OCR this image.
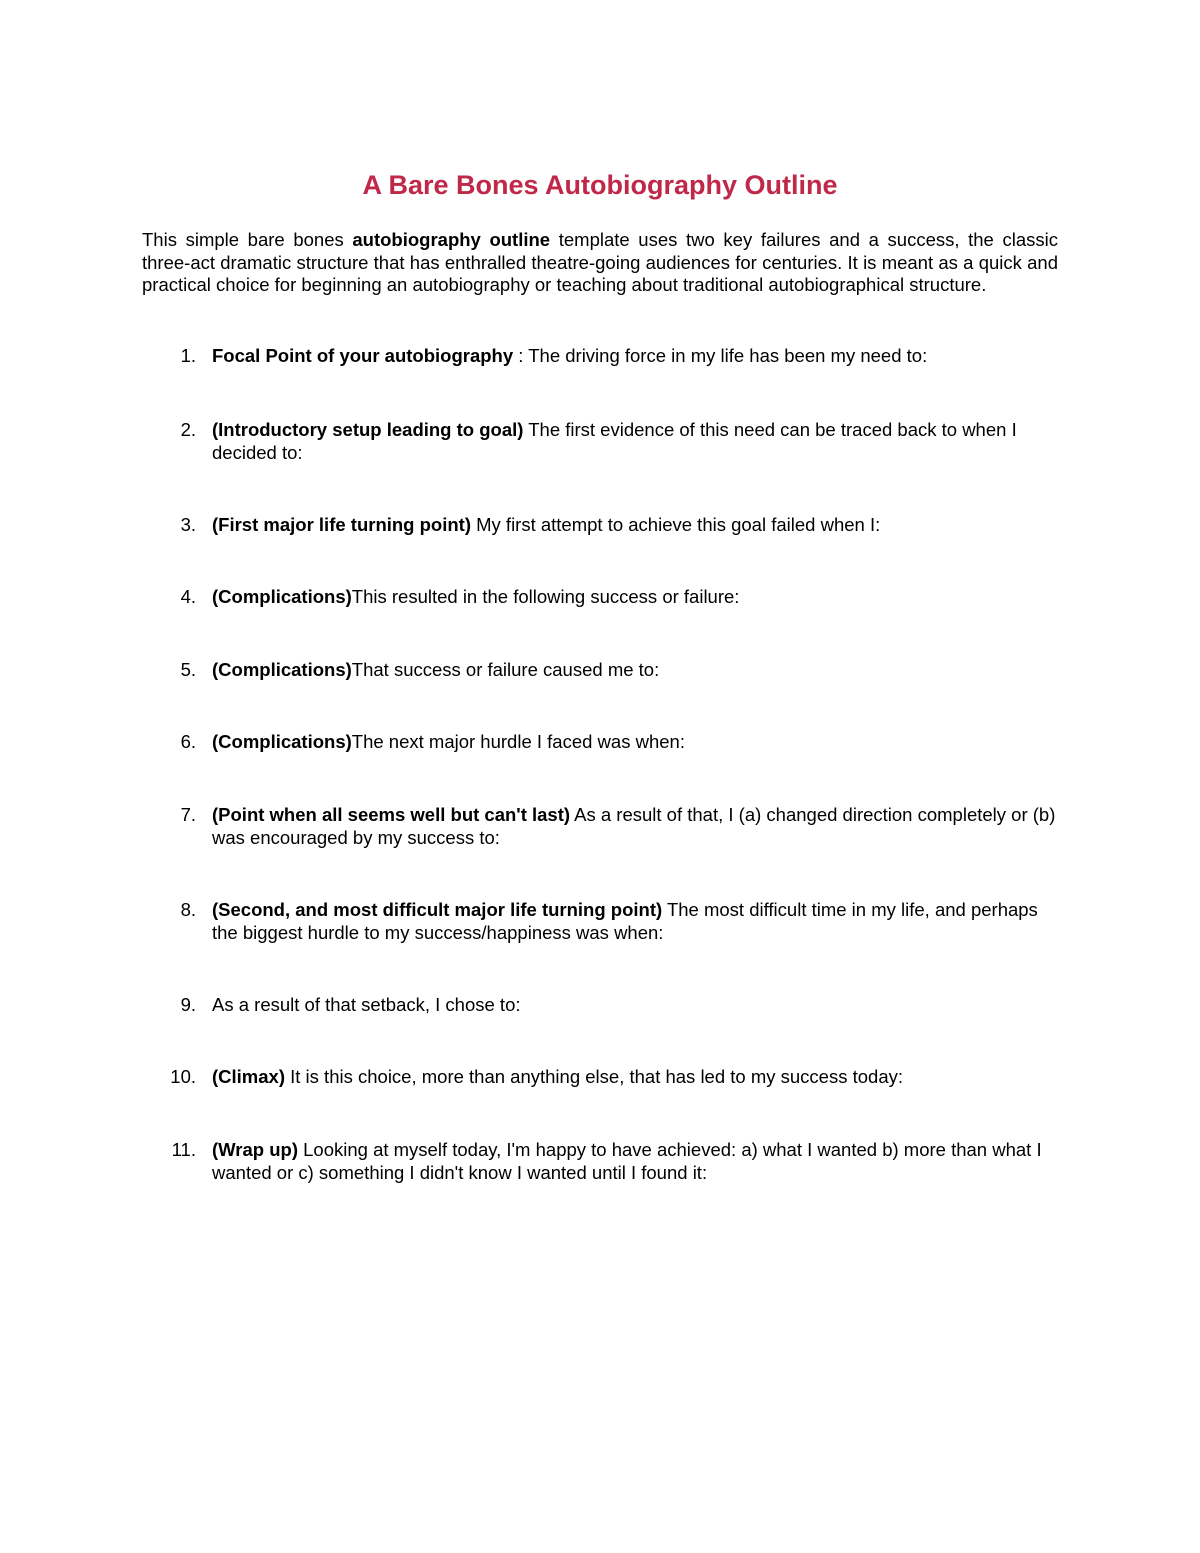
A Bare Bones Autobiography Outline

This simple bare bones autobiography outline template uses two key failures and a success, the classic three-act dramatic structure that has enthralled theatre-going audiences for centuries. It is meant as a quick and practical choice for beginning an autobiography or teaching about traditional autobiographical structure.

1. Focal Point of your autobiography : The driving force in my life has been my need to:
2. (Introductory setup leading to goal) The first evidence of this need can be traced back to when I decided to:
3. (First major life turning point) My first attempt to achieve this goal failed when I:
4. (Complications)This resulted in the following success or failure:
5. (Complications)That success or failure caused me to:
6. (Complications)The next major hurdle I faced was when:
7. (Point when all seems well but can't last) As a result of that, I (a) changed direction completely or (b) was encouraged by my success to:
8. (Second, and most difficult major life turning point) The most difficult time in my life, and perhaps the biggest hurdle to my success/happiness was when:
9. As a result of that setback, I chose to:
10. (Climax) It is this choice, more than anything else, that has led to my success today:
11. (Wrap up) Looking at myself today, I'm happy to have achieved: a) what I wanted b) more than what I wanted or c) something I didn't know I wanted until I found it:
